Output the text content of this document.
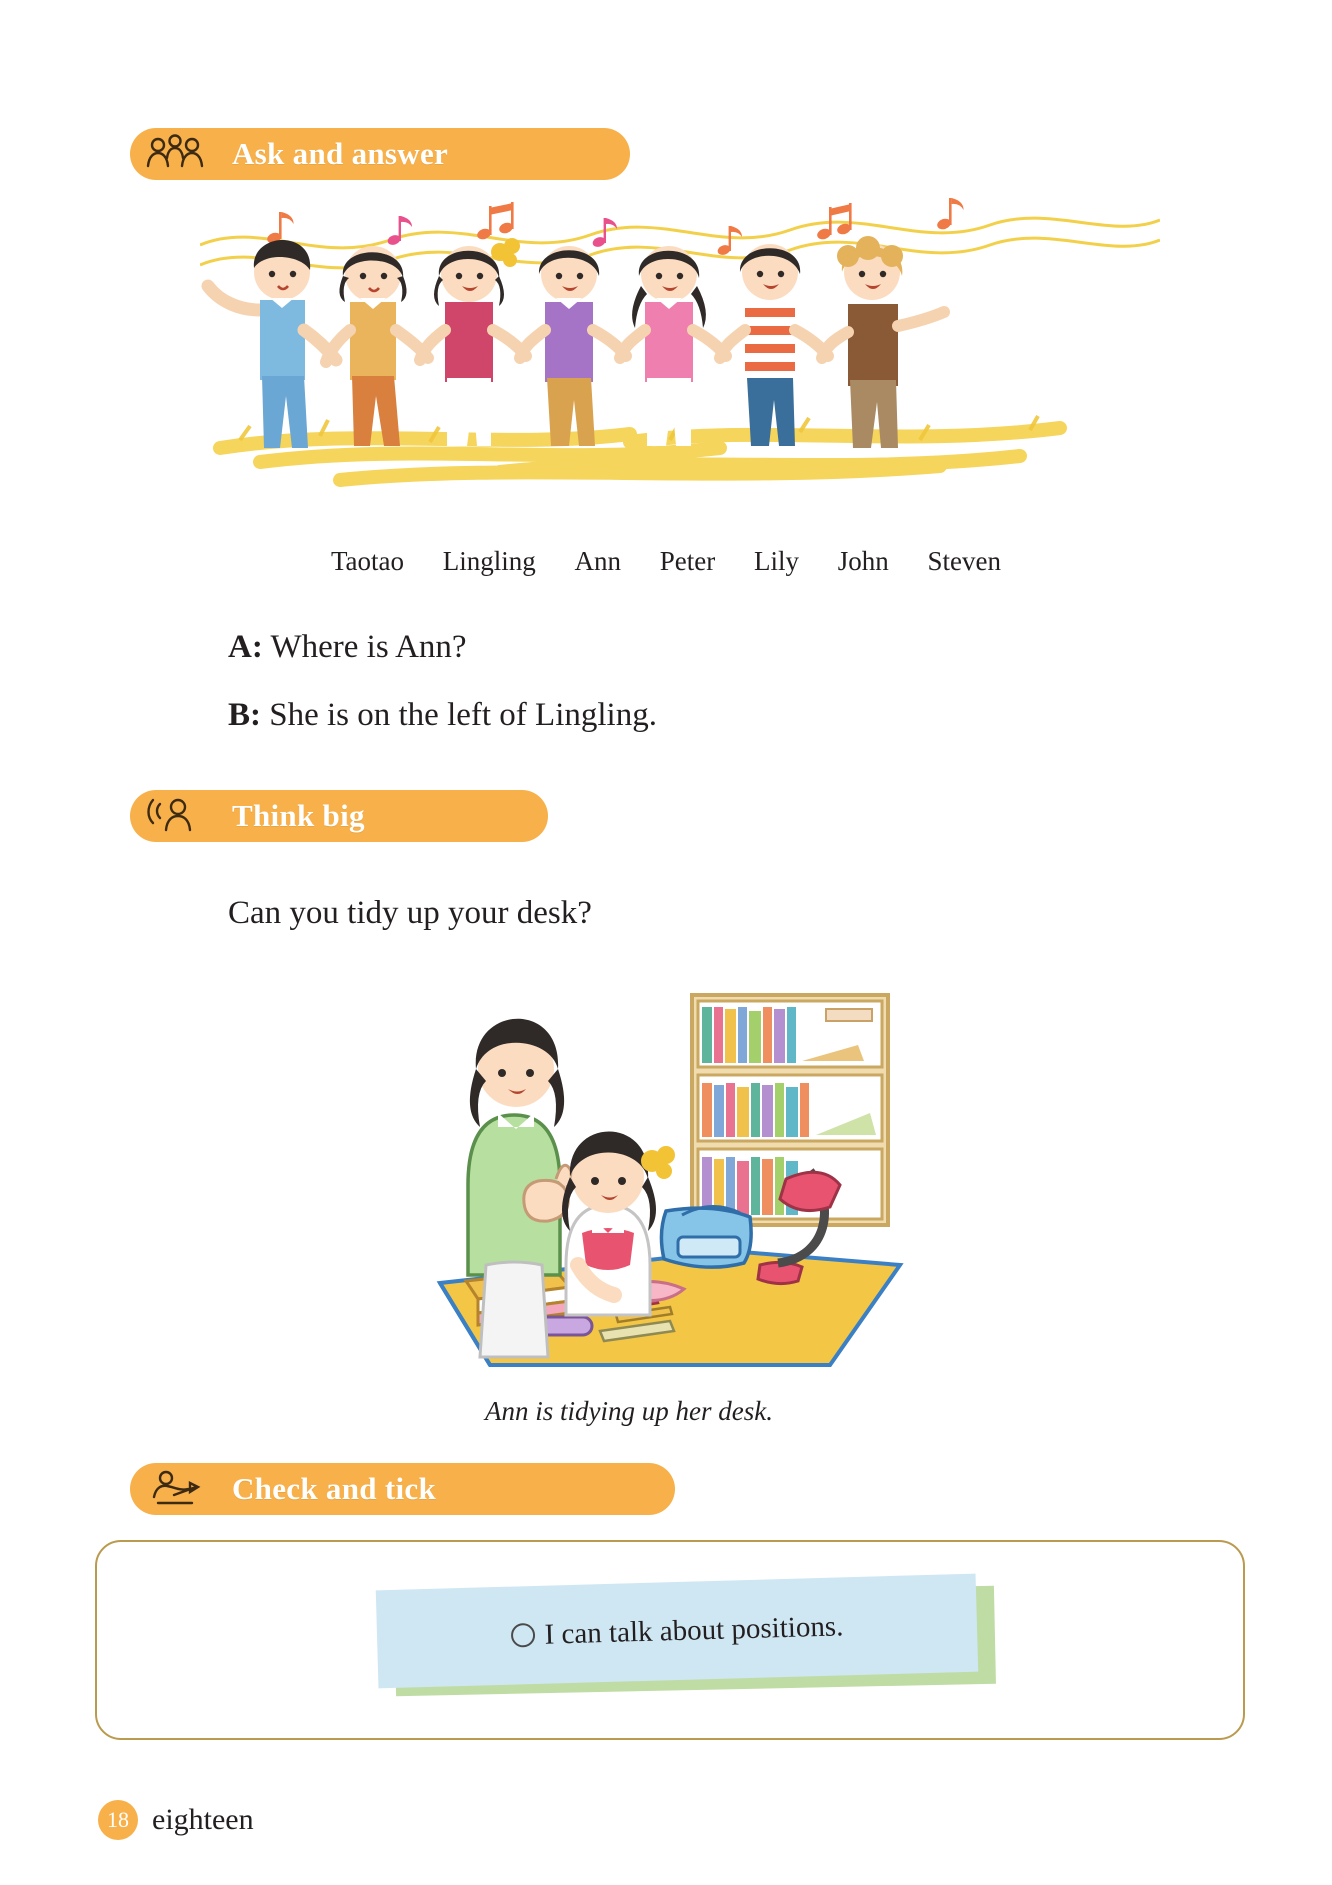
Ask and answer
Taotao Lingling Ann Peter Lily John Steven
A: Where is Ann?
B: She is on the left of Lingling.
Think big
Can you tidy up your desk?
Ann is tidying up her desk.
Check and tick
I can talk about positions.
18 eighteen
